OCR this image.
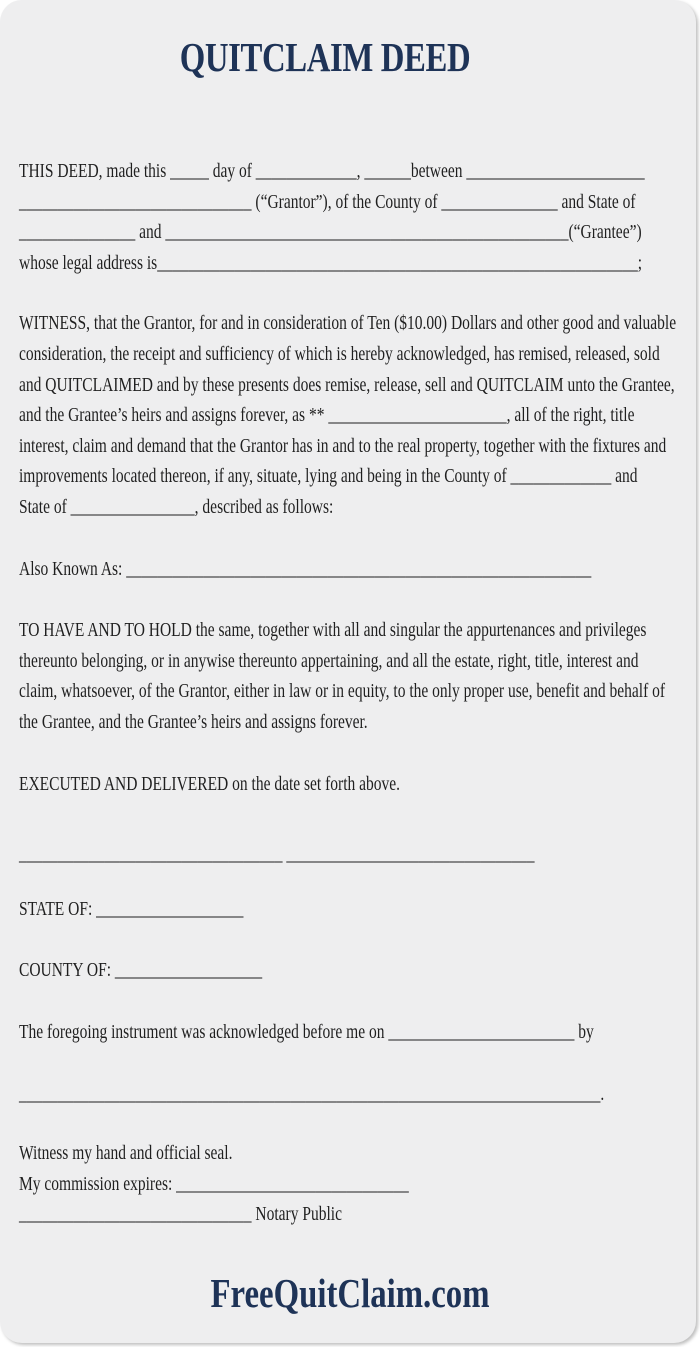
QUITCLAIM DEED
THIS DEED, made this _____ day of _____________, ______between _______________________
______________________________ (“Grantor”), of the County of _______________ and State of
_______________ and ____________________________________________________(“Grantee”)
whose legal address is______________________________________________________________;
WITNESS, that the Grantor, for and in consideration of Ten ($10.00) Dollars and other good and valuable
consideration, the receipt and sufficiency of which is hereby acknowledged, has remised, released, sold
and QUITCLAIMED and by these presents does remise, release, sell and QUITCLAIM unto the Grantee,
and the Grantee’s heirs and assigns forever, as ** _______________________, all of the right, title
interest, claim and demand that the Grantor has in and to the real property, together with the fixtures and
improvements located thereon, if any, situate, lying and being in the County of _____________ and
State of ________________, described as follows:
Also Known As: ____________________________________________________________
TO HAVE AND TO HOLD the same, together with all and singular the appurtenances and privileges
thereunto belonging, or in anywise thereunto appertaining, and all the estate, right, title, interest and
claim, whatsoever, of the Grantor, either in law or in equity, to the only proper use, benefit and behalf of
the Grantee, and the Grantee’s heirs and assigns forever.
EXECUTED AND DELIVERED on the date set forth above.
__________________________________ ________________________________
STATE OF: ___________________
COUNTY OF: ___________________
The foregoing instrument was acknowledged before me on ________________________ by
___________________________________________________________________________.
Witness my hand and official seal.
My commission expires: ______________________________
______________________________ Notary Public
FreeQuitClaim.com
